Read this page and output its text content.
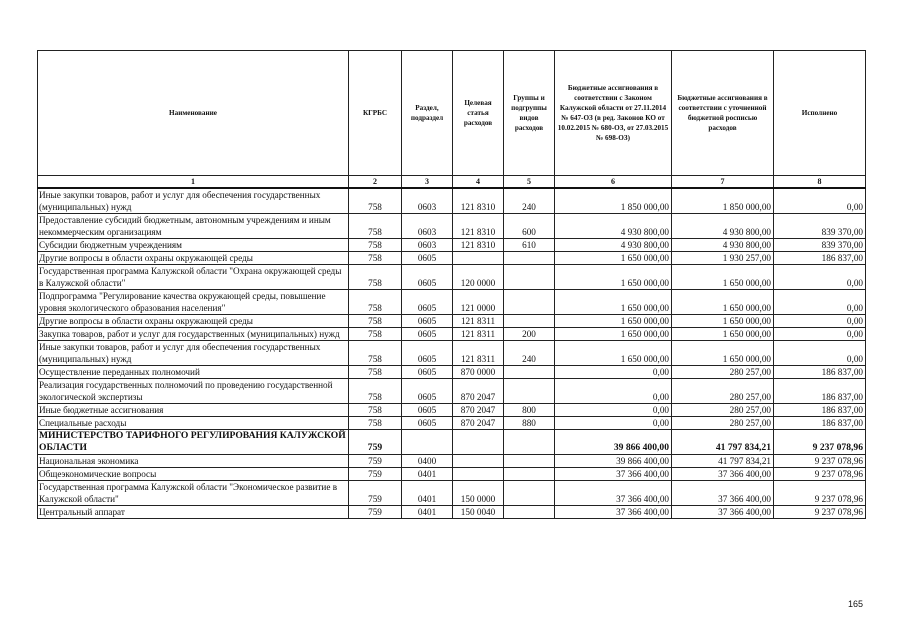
Наименование	КГРБС	Раздел, подраздел	Целевая статья расходов	Группы и подгруппы видов расходов	Бюджетные ассигнования в соответствии с Законом Калужской области от 27.11.2014 № 647-ОЗ (в ред. Законов КО от 10.02.2015 № 680-ОЗ, от 27.03.2015 № 698-ОЗ)	Бюджетные ассигнования в соответствии с уточненной бюджетной росписью расходов	Исполнено
1	2	3	4	5	6	7	8
Иные закупки товаров, работ и услуг для обеспечения государственных (муниципальных) нужд	758	0603	121 8310	240	1 850 000,00	1 850 000,00	0,00
Предоставление субсидий бюджетным, автономным учреждениям и иным некоммерческим организациям	758	0603	121 8310	600	4 930 800,00	4 930 800,00	839 370,00
Субсидии бюджетным учреждениям	758	0603	121 8310	610	4 930 800,00	4 930 800,00	839 370,00
Другие вопросы в области охраны окружающей среды	758	0605			1 650 000,00	1 930 257,00	186 837,00
Государственная программа Калужской области "Охрана окружающей среды в Калужской области"	758	0605	120 0000		1 650 000,00	1 650 000,00	0,00
Подпрограмма "Регулирование качества окружающей среды, повышение уровня экологического образования населения"	758	0605	121 0000		1 650 000,00	1 650 000,00	0,00
Другие вопросы в области охраны окружающей среды	758	0605	121 8311		1 650 000,00	1 650 000,00	0,00
Закупка товаров, работ и услуг для государственных (муниципальных) нужд	758	0605	121 8311	200	1 650 000,00	1 650 000,00	0,00
Иные закупки товаров, работ и услуг для обеспечения государственных (муниципальных) нужд	758	0605	121 8311	240	1 650 000,00	1 650 000,00	0,00
Осуществление переданных полномочий	758	0605	870 0000		0,00	280 257,00	186 837,00
Реализация государственных полномочий по проведению государственной экологической экспертизы	758	0605	870 2047		0,00	280 257,00	186 837,00
Иные бюджетные ассигнования	758	0605	870 2047	800	0,00	280 257,00	186 837,00
Специальные расходы	758	0605	870 2047	880	0,00	280 257,00	186 837,00
МИНИСТЕРСТВО ТАРИФНОГО РЕГУЛИРОВАНИЯ КАЛУЖСКОЙ ОБЛАСТИ	759				39 866 400,00	41 797 834,21	9 237 078,96
Национальная экономика	759	0400			39 866 400,00	41 797 834,21	9 237 078,96
Общеэкономические вопросы	759	0401			37 366 400,00	37 366 400,00	9 237 078,96
Государственная программа Калужской области "Экономическое развитие в Калужской области"	759	0401	150 0000		37 366 400,00	37 366 400,00	9 237 078,96
Центральный аппарат	759	0401	150 0040		37 366 400,00	37 366 400,00	9 237 078,96
165
